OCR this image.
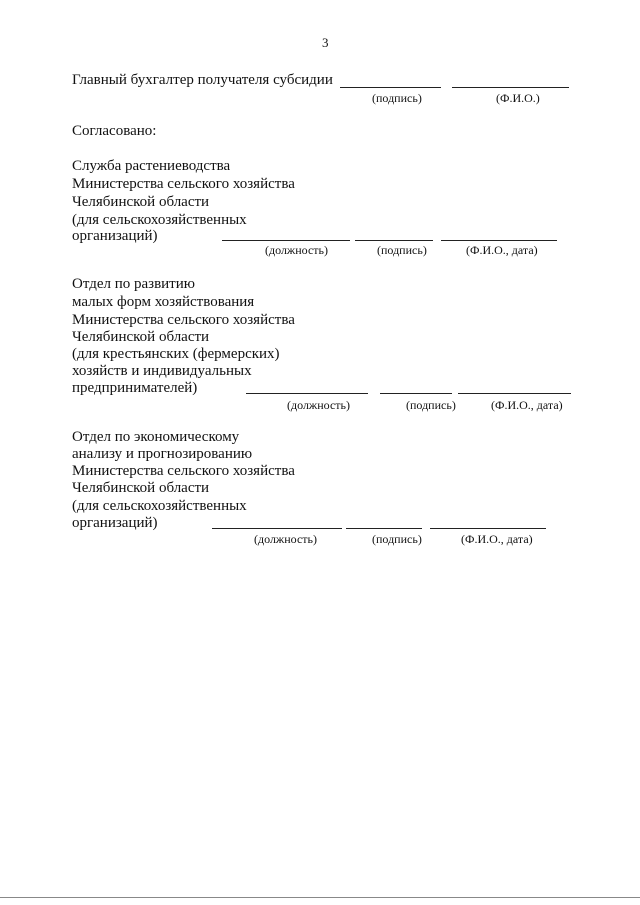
3
Главный бухгалтер получателя субсидии
(подпись)	(Ф.И.О.)
Согласовано:
Служба растениеводства
Министерства сельского хозяйства
Челябинской области
(для сельскохозяйственных
организаций)
(должность)	(подпись)	(Ф.И.О., дата)
Отдел по развитию
малых форм хозяйствования
Министерства сельского хозяйства
Челябинской области
(для крестьянских (фермерских)
хозяйств и индивидуальных
предпринимателей)
(должность)	(подпись)	(Ф.И.О., дата)
Отдел по экономическому
анализу и прогнозированию
Министерства сельского хозяйства
Челябинской области
(для сельскохозяйственных
организаций)
(должность)	(подпись)	(Ф.И.О., дата)
